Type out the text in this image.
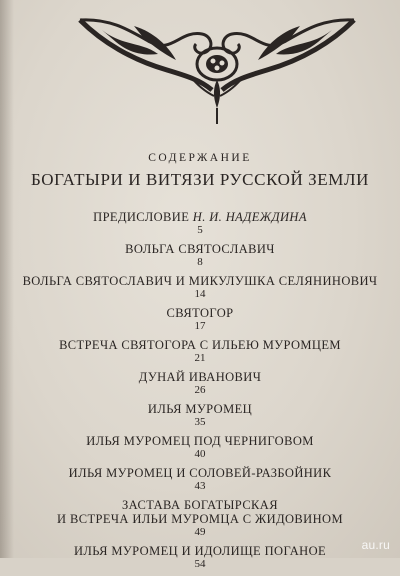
СОДЕРЖАНИЕ
БОГАТЫРИ И ВИТЯЗИ РУССКОЙ ЗЕМЛИ
ПРЕДИСЛОВИЕ Н. И. НАДЕЖДИНА
5
ВОЛЬГА СВЯТОСЛАВИЧ
8
ВОЛЬГА СВЯТОСЛАВИЧ И МИКУЛУШКА СЕЛЯНИНОВИЧ
14
СВЯТОГОР
17
ВСТРЕЧА СВЯТОГОРА С ИЛЬЕЮ МУРОМЦЕМ
21
ДУНАЙ ИВАНОВИЧ
26
ИЛЬЯ МУРОМЕЦ
35
ИЛЬЯ МУРОМЕЦ ПОД ЧЕРНИГОВОМ
40
ИЛЬЯ МУРОМЕЦ И СОЛОВЕЙ-РАЗБОЙНИК
43
ЗАСТАВА БОГАТЫРСКАЯ
И ВСТРЕЧА ИЛЬИ МУРОМЦА С ЖИДОВИНОМ
49
ИЛЬЯ МУРОМЕЦ И ИДОЛИЩЕ ПОГАНОЕ
54
au.ru
